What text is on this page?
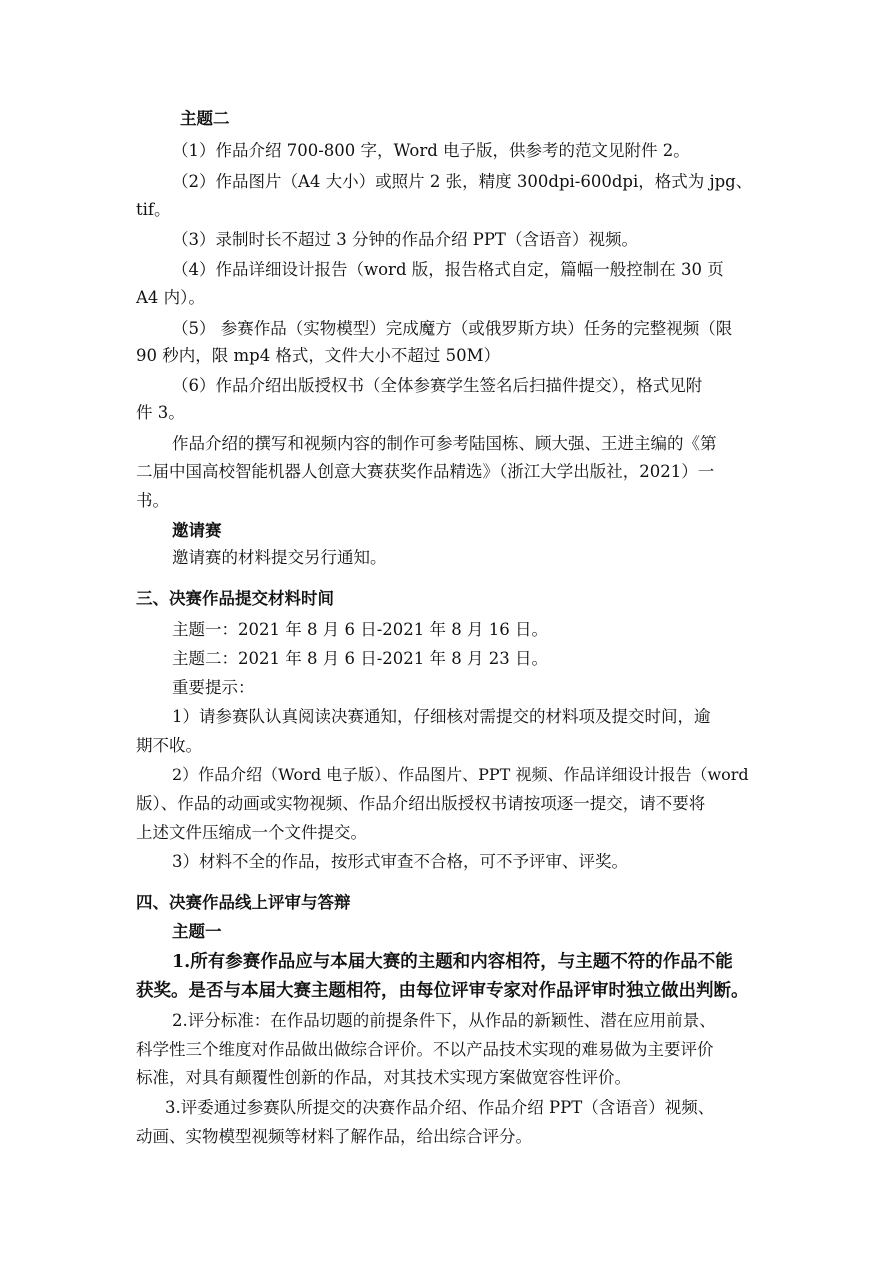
主题二
（1）作品介绍 700-800 字，Word 电子版，供参考的范文见附件 2。
（2）作品图片（A4 大小）或照片 2 张，精度 300dpi-600dpi，格式为 jpg、
tif。
（3）录制时长不超过 3 分钟的作品介绍 PPT（含语音）视频。
（4）作品详细设计报告（word 版，报告格式自定，篇幅一般控制在 30 页
A4 内）。
（5） 参赛作品（实物模型）完成魔方（或俄罗斯方块）任务的完整视频（限
90 秒内，限 mp4 格式，文件大小不超过 50M）
（6）作品介绍出版授权书（全体参赛学生签名后扫描件提交），格式见附
件 3。
作品介绍的撰写和视频内容的制作可参考陆国栋、顾大强、王进主编的《第
二届中国高校智能机器人创意大赛获奖作品精选》（浙江大学出版社，2021）一
书。
邀请赛
邀请赛的材料提交另行通知。
三、决赛作品提交材料时间
主题一：2021 年 8 月 6 日-2021 年 8 月 16 日。
主题二：2021 年 8 月 6 日-2021 年 8 月 23 日。
重要提示：
1）请参赛队认真阅读决赛通知，仔细核对需提交的材料项及提交时间，逾
期不收。
2）作品介绍（Word 电子版）、作品图片、PPT 视频、作品详细设计报告（word
版）、作品的动画或实物视频、作品介绍出版授权书请按项逐一提交，请不要将
上述文件压缩成一个文件提交。
3）材料不全的作品，按形式审查不合格，可不予评审、评奖。
四、决赛作品线上评审与答辩
主题一
1.所有参赛作品应与本届大赛的主题和内容相符，与主题不符的作品不能
获奖。是否与本届大赛主题相符，由每位评审专家对作品评审时独立做出判断。
2.评分标准：在作品切题的前提条件下，从作品的新颖性、潜在应用前景、
科学性三个维度对作品做出做综合评价。不以产品技术实现的难易做为主要评价
标准，对具有颠覆性创新的作品，对其技术实现方案做宽容性评价。
3.评委通过参赛队所提交的决赛作品介绍、作品介绍 PPT（含语音）视频、
动画、实物模型视频等材料了解作品，给出综合评分。
